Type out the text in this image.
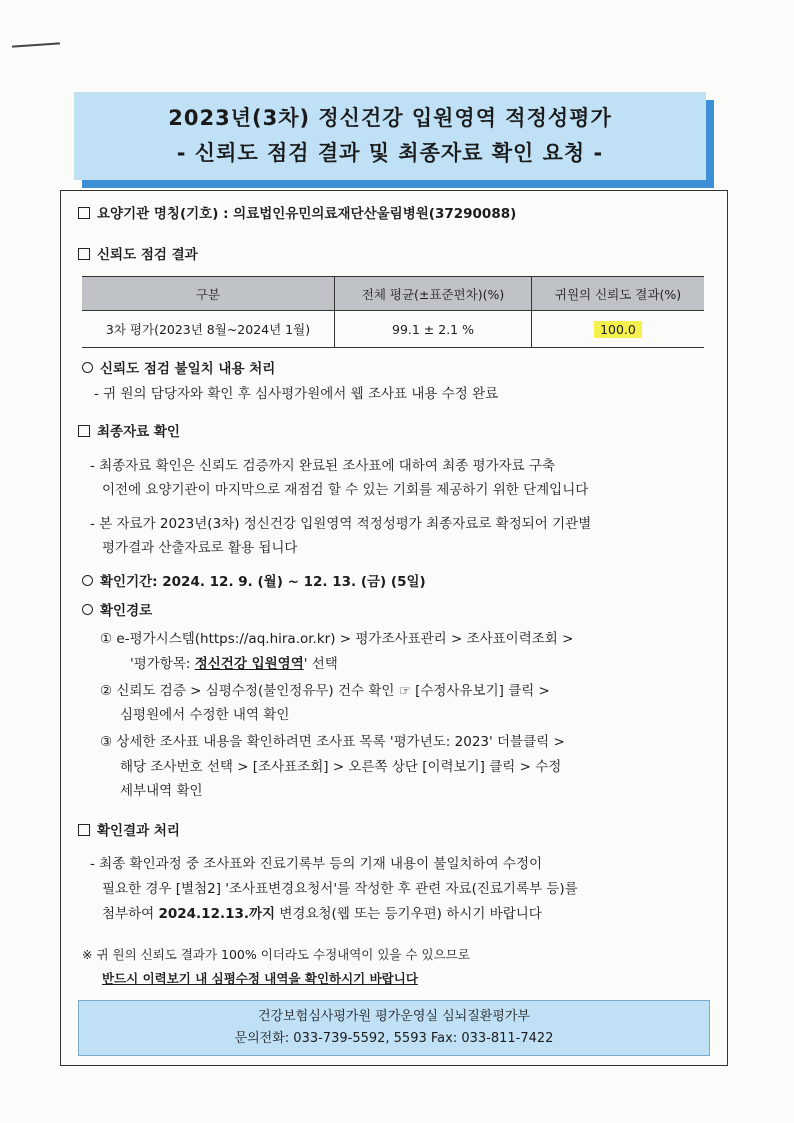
2023년(3차) 정신건강 입원영역 적정성평가
- 신뢰도 점검 결과 및 최종자료 확인 요청 -
요양기관 명칭(기호) : 의료법인유민의료재단산울림병원(37290088)
신뢰도 점검 결과
구분	전체 평균(±표준편차)(%)	귀원의 신뢰도 결과(%)
3차 평가(2023년 8월~2024년 1월)	99.1 ± 2.1 %	100.0
신뢰도 점검 불일치 내용 처리
- 귀 원의 담당자와 확인 후 심사평가원에서 웹 조사표 내용 수정 완료
최종자료 확인
- 최종자료 확인은 신뢰도 검증까지 완료된 조사표에 대하여 최종 평가자료 구축
이전에 요양기관이 마지막으로 재점검 할 수 있는 기회를 제공하기 위한 단계입니다
- 본 자료가 2023년(3차) 정신건강 입원영역 적정성평가 최종자료로 확정되어 기관별
평가결과 산출자료로 활용 됩니다
확인기간: 2024. 12. 9. (월) ~ 12. 13. (금) (5일)
확인경로
① e-평가시스템(https://aq.hira.or.kr) > 평가조사표관리 > 조사표이력조회 >
'평가항목: 정신건강 입원영역' 선택
② 신뢰도 검증 > 심평수정(불인정유무) 건수 확인 ☞ [수정사유보기] 클릭 >
심평원에서 수정한 내역 확인
③ 상세한 조사표 내용을 확인하려면 조사표 목록 '평가년도: 2023' 더블클릭 >
해당 조사번호 선택 > [조사표조회] > 오른쪽 상단 [이력보기] 클릭 > 수정
세부내역 확인
확인결과 처리
- 최종 확인과정 중 조사표와 진료기록부 등의 기재 내용이 불일치하여 수정이
필요한 경우 [별첨2] '조사표변경요청서'를 작성한 후 관련 자료(진료기록부 등)를
첨부하여 2024.12.13.까지 변경요청(웹 또는 등기우편) 하시기 바랍니다
※ 귀 원의 신뢰도 결과가 100% 이더라도 수정내역이 있을 수 있으므로
반드시 이력보기 내 심평수정 내역을 확인하시기 바랍니다
건강보험심사평가원 평가운영실 심뇌질환평가부
문의전화: 033-739-5592, 5593 Fax: 033-811-7422
